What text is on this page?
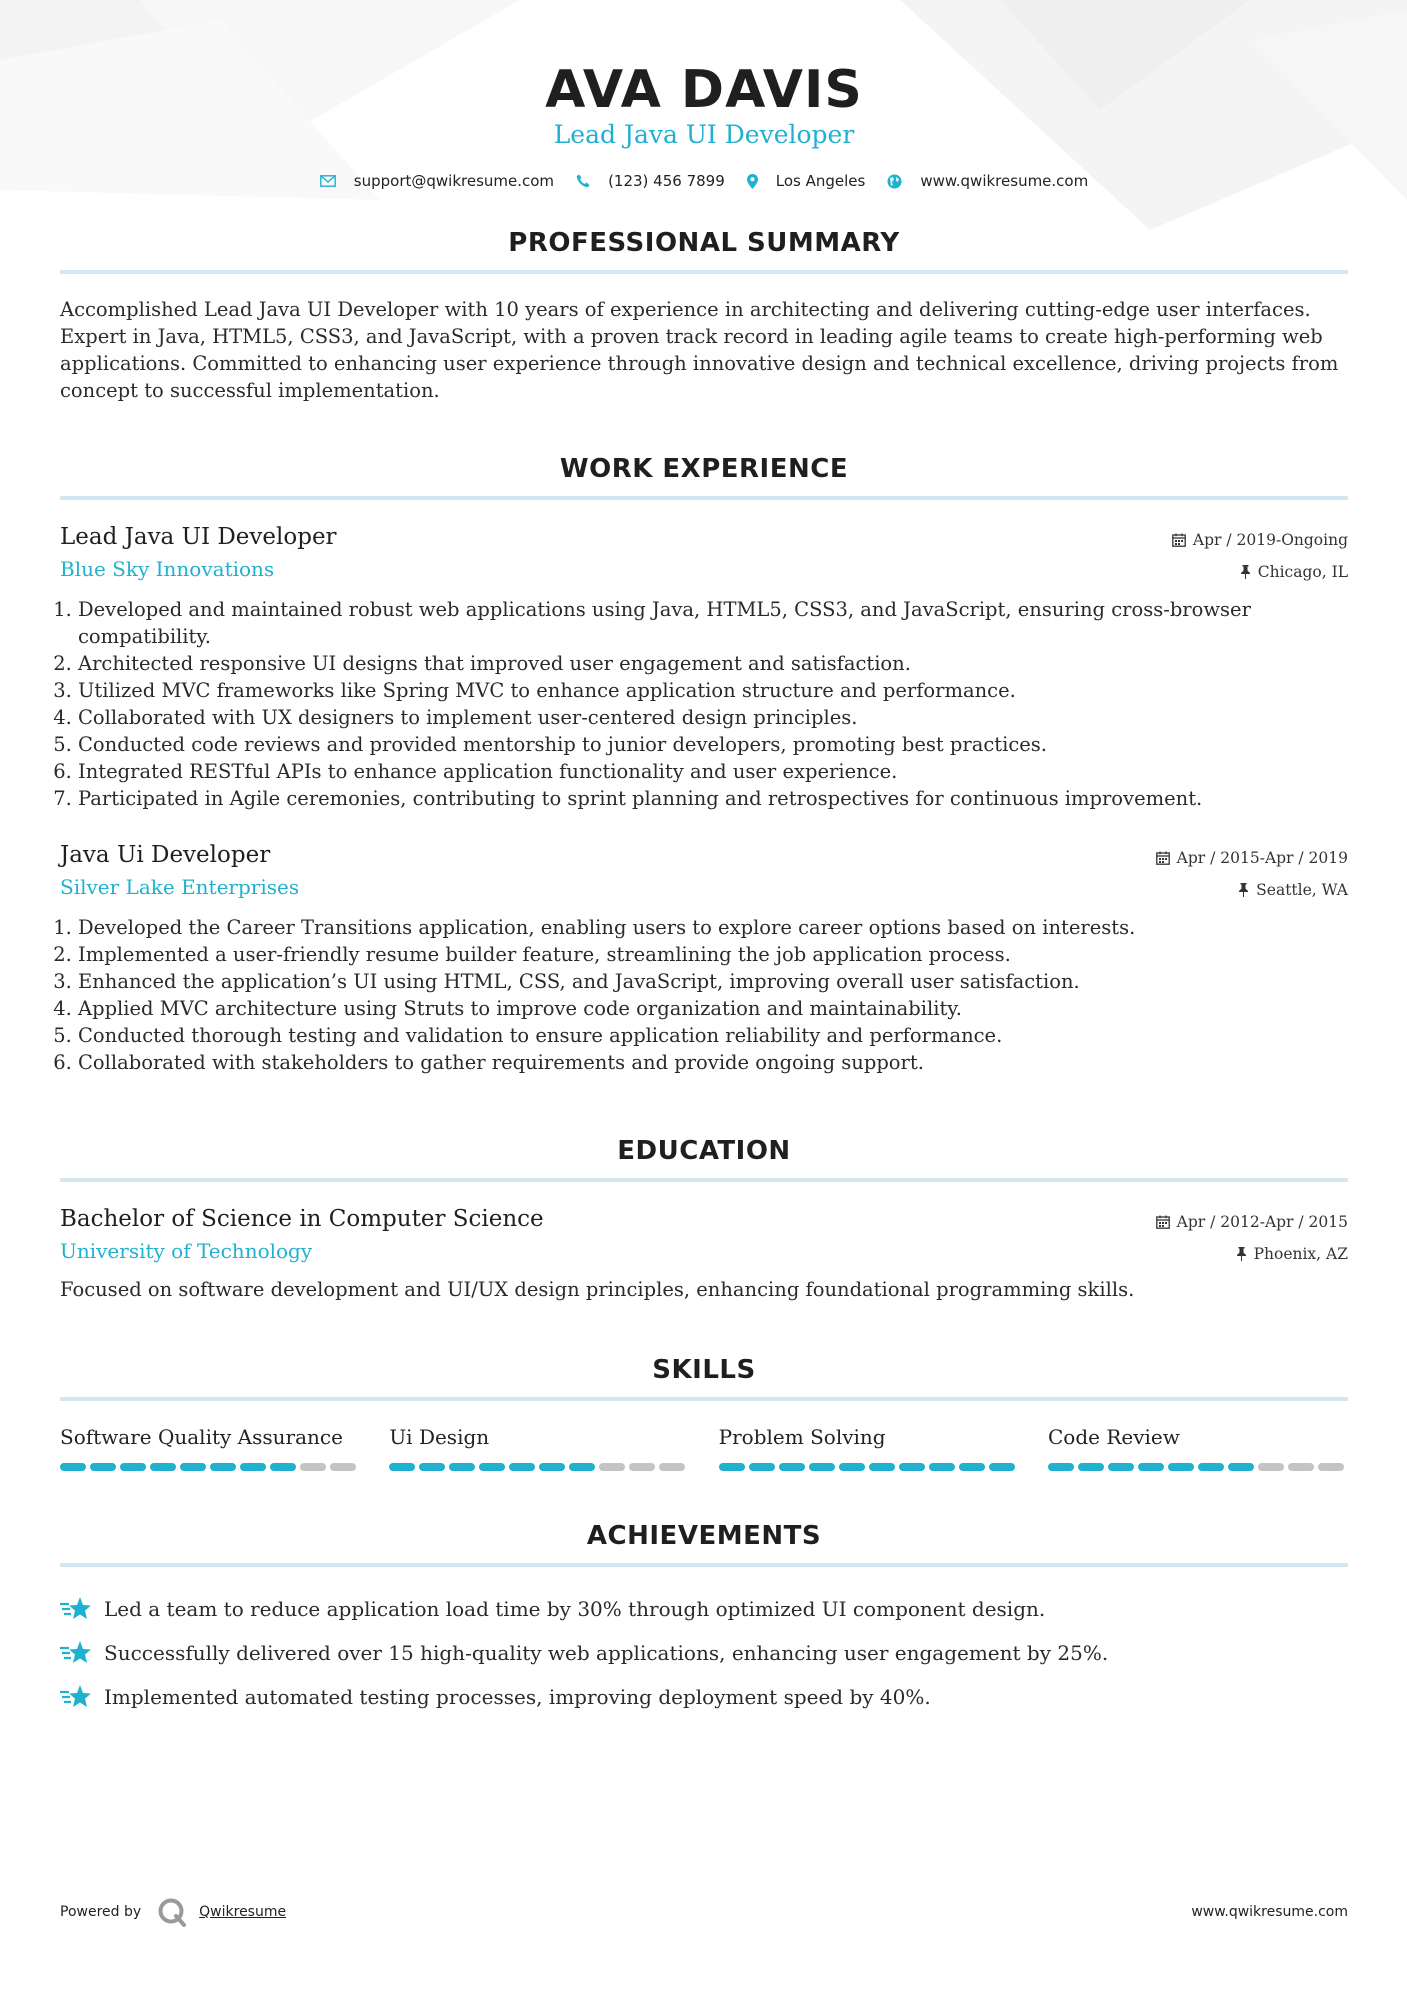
AVA DAVIS
Lead Java UI Developer
support@qwikresume.com	(123) 456 7899	Los Angeles	www.qwikresume.com
PROFESSIONAL SUMMARY
Accomplished Lead Java UI Developer with 10 years of experience in architecting and delivering cutting-edge user interfaces. Expert in Java, HTML5, CSS3, and JavaScript, with a proven track record in leading agile teams to create high-performing web applications. Committed to enhancing user experience through innovative design and technical excellence, driving projects from concept to successful implementation.
WORK EXPERIENCE
Lead Java UI Developer
Blue Sky Innovations
Apr / 2019-Ongoing
Chicago, IL
1. Developed and maintained robust web applications using Java, HTML5, CSS3, and JavaScript, ensuring cross-browser compatibility.
2. Architected responsive UI designs that improved user engagement and satisfaction.
3. Utilized MVC frameworks like Spring MVC to enhance application structure and performance.
4. Collaborated with UX designers to implement user-centered design principles.
5. Conducted code reviews and provided mentorship to junior developers, promoting best practices.
6. Integrated RESTful APIs to enhance application functionality and user experience.
7. Participated in Agile ceremonies, contributing to sprint planning and retrospectives for continuous improvement.
Java Ui Developer
Silver Lake Enterprises
Apr / 2015-Apr / 2019
Seattle, WA
1. Developed the Career Transitions application, enabling users to explore career options based on interests.
2. Implemented a user-friendly resume builder feature, streamlining the job application process.
3. Enhanced the application’s UI using HTML, CSS, and JavaScript, improving overall user satisfaction.
4. Applied MVC architecture using Struts to improve code organization and maintainability.
5. Conducted thorough testing and validation to ensure application reliability and performance.
6. Collaborated with stakeholders to gather requirements and provide ongoing support.
EDUCATION
Bachelor of Science in Computer Science
University of Technology
Apr / 2012-Apr / 2015
Phoenix, AZ
Focused on software development and UI/UX design principles, enhancing foundational programming skills.
SKILLS
Software Quality Assurance	Ui Design	Problem Solving	Code Review
ACHIEVEMENTS
Led a team to reduce application load time by 30% through optimized UI component design.
Successfully delivered over 15 high-quality web applications, enhancing user engagement by 25%.
Implemented automated testing processes, improving deployment speed by 40%.
Powered by	Qwikresume	www.qwikresume.com
